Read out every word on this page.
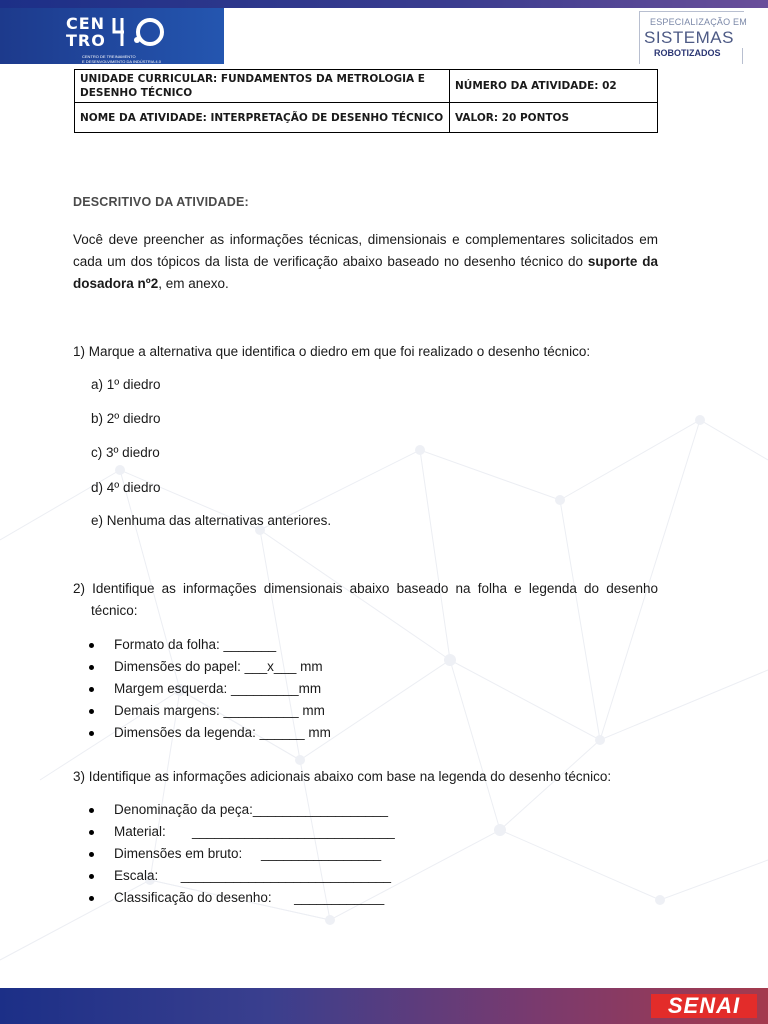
CEN
TRO
CENTRO DE TREINAMENTO
E DESENVOLVIMENTO DA INDÚSTRIA 4.0
ESPECIALIZAÇÃO EM
SISTEMAS
ROBOTIZADOS
UNIDADE CURRICULAR: FUNDAMENTOS DA METROLOGIA E DESENHO TÉCNICO	NÚMERO DA ATIVIDADE: 02
NOME DA ATIVIDADE: INTERPRETAÇÃO DE DESENHO TÉCNICO	VALOR: 20 PONTOS
DESCRITIVO DA ATIVIDADE:
Você deve preencher as informações técnicas, dimensionais e complementares solicitados em cada um dos tópicos da lista de verificação abaixo baseado no desenho técnico do suporte da dosadora nº2, em anexo.
1) Marque a alternativa que identifica o diedro em que foi realizado o desenho técnico:
a) 1º diedro
b) 2º diedro
c) 3º diedro
d) 4º diedro
e) Nenhuma das alternativas anteriores.
2) Identifique as informações dimensionais abaixo baseado na folha e legenda do desenho
técnico:
Formato da folha: _______
Dimensões do papel: ___x___ mm
Margem esquerda: _________mm
Demais margens: __________ mm
Dimensões da legenda: ______ mm
3) Identifique as informações adicionais abaixo com base na legenda do desenho técnico:
Denominação da peça:__________________
Material:       ___________________________
Dimensões em bruto:     ________________
Escala:      ____________________________
Classificação do desenho:      ____________
SENAI
